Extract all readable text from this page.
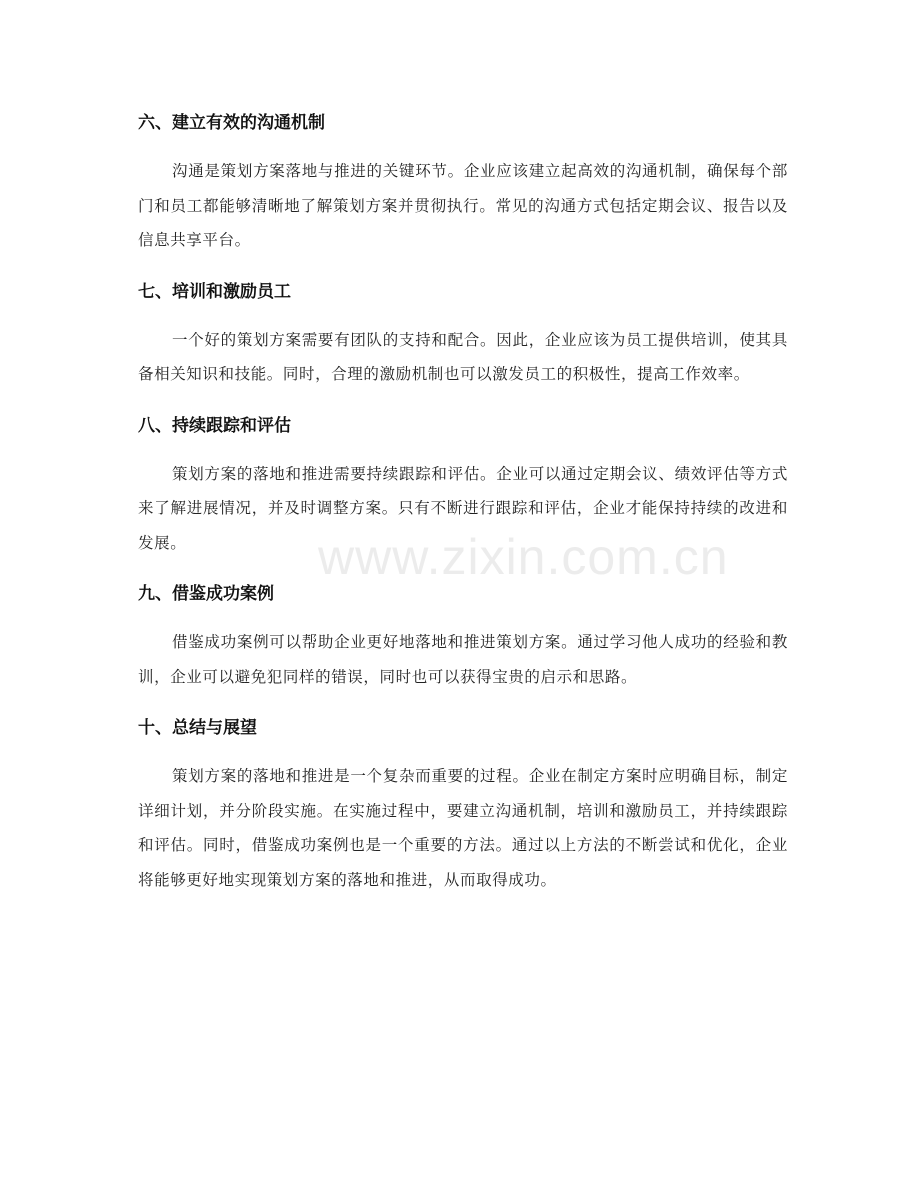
六、建立有效的沟通机制

沟通是策划方案落地与推进的关键环节。企业应该建立起高效的沟通机制，确保每个部门和员工都能够清晰地了解策划方案并贯彻执行。常见的沟通方式包括定期会议、报告以及信息共享平台。

七、培训和激励员工

一个好的策划方案需要有团队的支持和配合。因此，企业应该为员工提供培训，使其具备相关知识和技能。同时，合理的激励机制也可以激发员工的积极性，提高工作效率。

八、持续跟踪和评估

策划方案的落地和推进需要持续跟踪和评估。企业可以通过定期会议、绩效评估等方式来了解进展情况，并及时调整方案。只有不断进行跟踪和评估，企业才能保持持续的改进和发展。

九、借鉴成功案例

借鉴成功案例可以帮助企业更好地落地和推进策划方案。通过学习他人成功的经验和教训，企业可以避免犯同样的错误，同时也可以获得宝贵的启示和思路。

十、总结与展望

策划方案的落地和推进是一个复杂而重要的过程。企业在制定方案时应明确目标，制定详细计划，并分阶段实施。在实施过程中，要建立沟通机制，培训和激励员工，并持续跟踪和评估。同时，借鉴成功案例也是一个重要的方法。通过以上方法的不断尝试和优化，企业将能够更好地实现策划方案的落地和推进，从而取得成功。

www.zixin.com.cn
